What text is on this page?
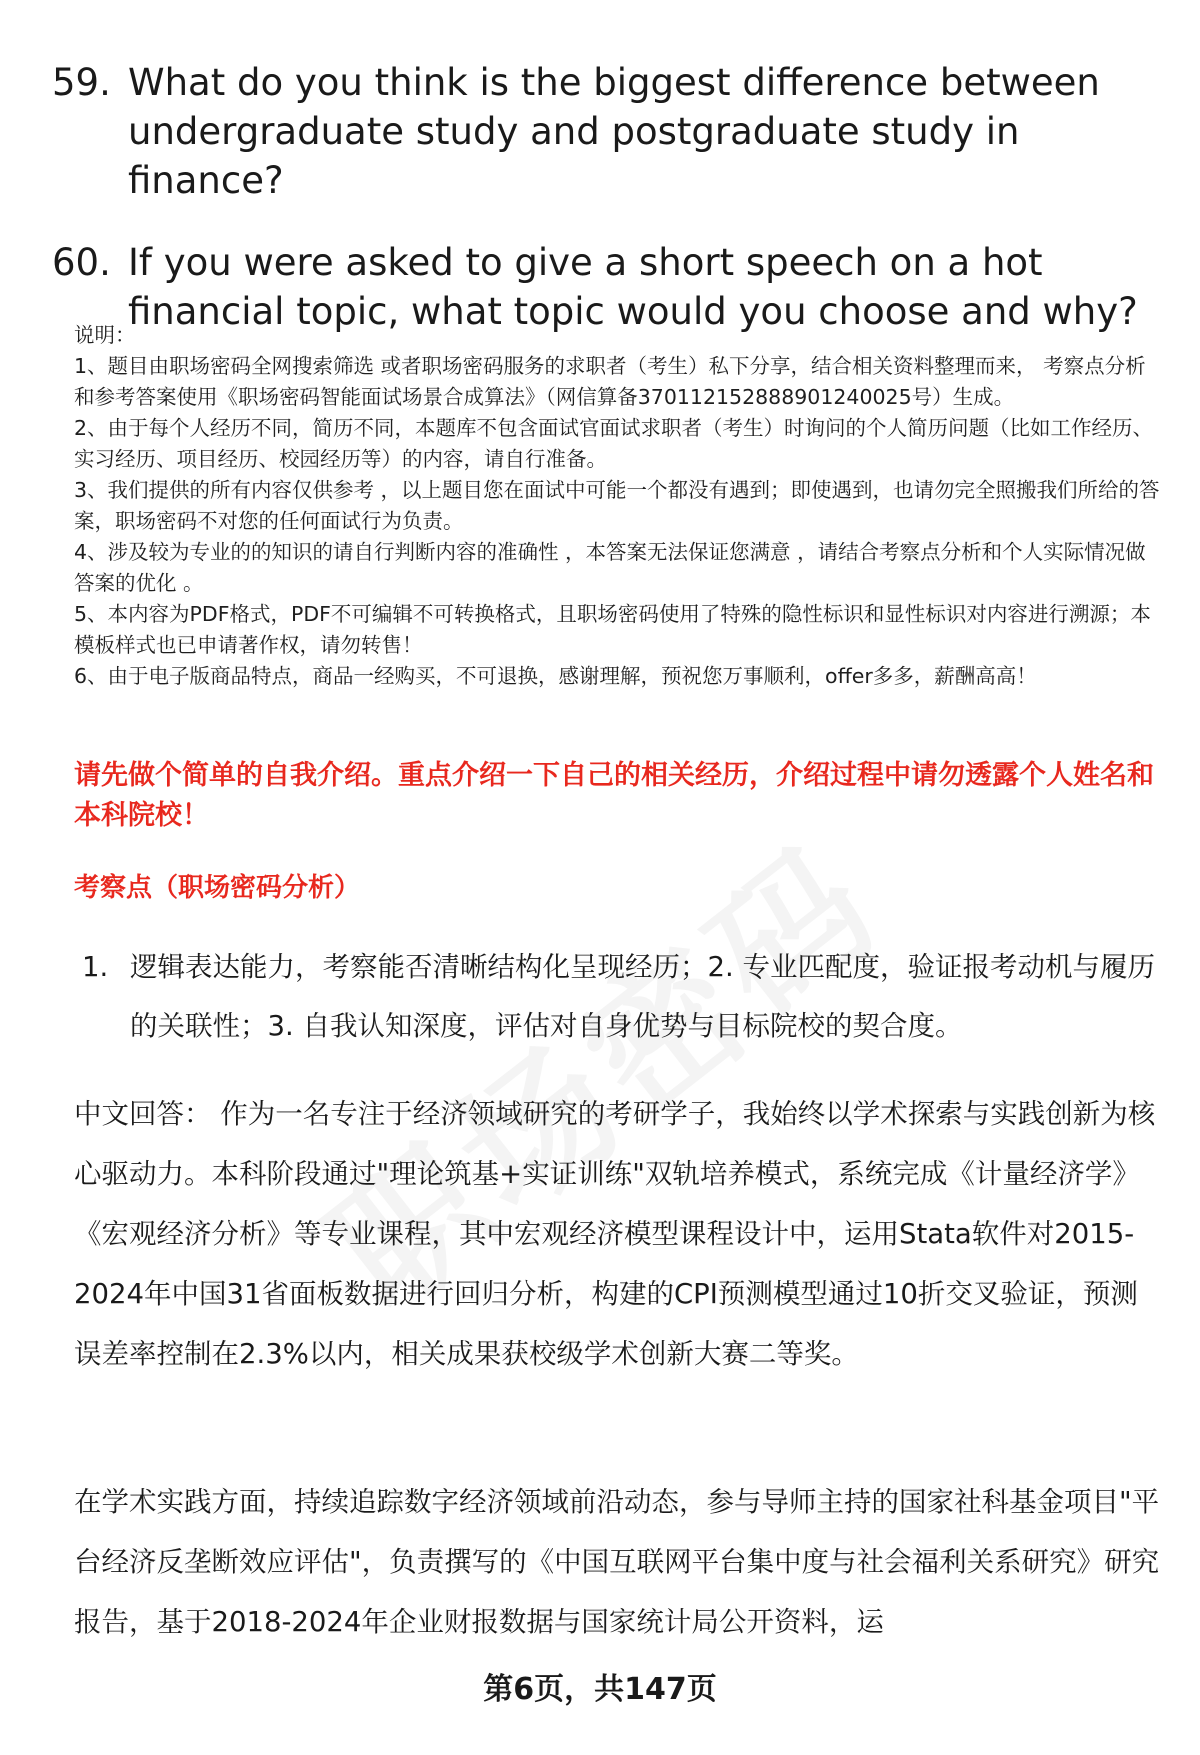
59. What do you think is the biggest difference between undergraduate study and postgraduate study in finance?
60. If you were asked to give a short speech on a hot financial topic, what topic would you choose and why?

说明：

1、题目由职场密码全网搜索筛选 或者职场密码服务的求职者（考生）私下分享，结合相关资料整理而来， 考察点分析和参考答案使用《职场密码智能面试场景合成算法》（网信算备370112152888901240025号）生成。

2、由于每个人经历不同，简历不同，本题库不包含面试官面试求职者（考生）时询问的个人简历问题（比如工作经历、实习经历、项目经历、校园经历等）的内容，请自行准备。

3、我们提供的所有内容仅供参考 ，以上题目您在面试中可能一个都没有遇到；即使遇到，也请勿完全照搬我们所给的答案，职场密码不对您的任何面试行为负责。

4、涉及较为专业的的知识的请自行判断内容的准确性 ，本答案无法保证您满意 ，请结合考察点分析和个人实际情况做答案的优化 。

5、本内容为PDF格式，PDF不可编辑不可转换格式，且职场密码使用了特殊的隐性标识和显性标识对内容进行溯源；本模板样式也已申请著作权，请勿转售！

6、由于电子版商品特点，商品一经购买，不可退换，感谢理解，预祝您万事顺利，offer多多，薪酬高高！

请先做个简单的自我介绍。重点介绍一下自己的相关经历，介绍过程中请勿透露个人姓名和本科院校！
考察点（职场密码分析）
1. 逻辑表达能力，考察能否清晰结构化呈现经历；2. 专业匹配度，验证报考动机与履历的关联性；3. 自我认知深度，评估对自身优势与目标院校的契合度。
中文回答： 作为一名专注于经济领域研究的考研学子，我始终以学术探索与实践创新为核心驱动力。本科阶段通过"理论筑基+实证训练"双轨培养模式，系统完成《计量经济学》《宏观经济分析》等专业课程，其中宏观经济模型课程设计中，运用Stata软件对2015-2024年中国31省面板数据进行回归分析，构建的CPI预测模型通过10折交叉验证，预测误差率控制在2.3%以内，相关成果获校级学术创新大赛二等奖。
在学术实践方面，持续追踪数字经济领域前沿动态，参与导师主持的国家社科基金项目"平台经济反垄断效应评估"，负责撰写的《中国互联网平台集中度与社会福利关系研究》研究报告，基于2018-2024年企业财报数据与国家统计局公开资料，运
第6页，共147页
